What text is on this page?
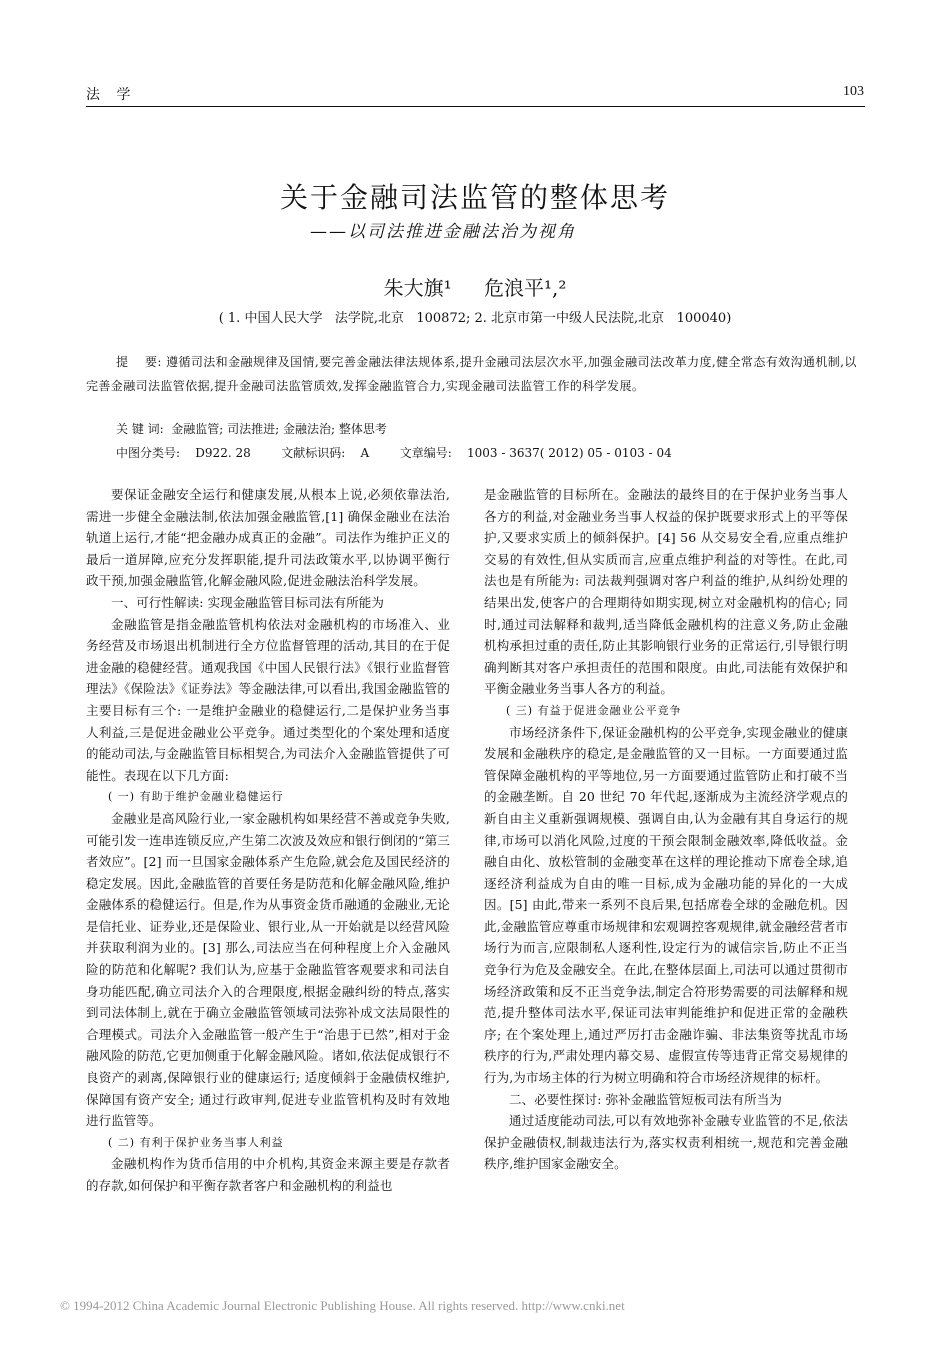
法 学	103
关于金融司法监管的整体思考
——以司法推进金融法治为视角
朱大旗¹ 危浪平¹,²
( 1. 中国人民大学   法学院,北京   100872; 2. 北京市第一中级人民法院,北京   100040)
提　 要: 遵循司法和金融规律及国情,要完善金融法律法规体系,提升金融司法层次水平,加强金融司法改革力度,健全常态有效沟通机制,以完善金融司法监管依据,提升金融司法监管质效,发挥金融监管合力,实现金融司法监管工作的科学发展。
关 键 词:  金融监管; 司法推进; 金融法治; 整体思考
中图分类号:    D922. 28        文献标识码:    A        文章编号:    1003 - 3637( 2012) 05 - 0103 - 04

要保证金融安全运行和健康发展,从根本上说,必须依靠法治,需进一步健全金融法制,依法加强金融监管,[1] 确保金融业在法治轨道上运行,才能“把金融办成真正的金融”。司法作为维护正义的最后一道屏障,应充分发挥职能,提升司法政策水平,以协调平衡行政干预,加强金融监管,化解金融风险,促进金融法治科学发展。

一、可行性解读: 实现金融监管目标司法有所能为

金融监管是指金融监管机构依法对金融机构的市场准入、业务经营及市场退出机制进行全方位监督管理的活动,其目的在于促进金融的稳健经营。通观我国《中国人民银行法》《银行业监督管理法》《保险法》《证券法》等金融法律,可以看出,我国金融监管的主要目标有三个: 一是维护金融业的稳健运行,二是保护业务当事人利益,三是促进金融业公平竞争。通过类型化的个案处理和适度的能动司法,与金融监管目标相契合,为司法介入金融监管提供了可能性。表现在以下几方面:

( 一) 有助于维护金融业稳健运行

金融业是高风险行业,一家金融机构如果经营不善或竞争失败,可能引发一连串连锁反应,产生第二次波及效应和银行倒闭的“第三者效应”。[2] 而一旦国家金融体系产生危险,就会危及国民经济的稳定发展。因此,金融监管的首要任务是防范和化解金融风险,维护金融体系的稳健运行。但是,作为从事资金货币融通的金融业,无论是信托业、证券业,还是保险业、银行业,从一开始就是以经营风险并获取利润为业的。[3] 那么,司法应当在何种程度上介入金融风险的防范和化解呢? 我们认为,应基于金融监管客观要求和司法自身功能匹配,确立司法介入的合理限度,根据金融纠纷的特点,落实到司法体制上,就在于确立金融监管领域司法弥补成文法局限性的合理模式。司法介入金融监管一般产生于“治患于已然”,相对于金融风险的防范,它更加侧重于化解金融风险。诸如,依法促成银行不良资产的剥离,保障银行业的健康运行; 适度倾斜于金融债权维护,保障国有资产安全; 通过行政审判,促进专业监管机构及时有效地进行监管等。

( 二) 有利于保护业务当事人利益

金融机构作为货币信用的中介机构,其资金来源主要是存款者的存款,如何保护和平衡存款者客户和金融机构的利益也

是金融监管的目标所在。金融法的最终目的在于保护业务当事人各方的利益,对金融业务当事人权益的保护既要求形式上的平等保护,又要求实质上的倾斜保护。[4] 56 从交易安全看,应重点维护交易的有效性,但从实质而言,应重点维护利益的对等性。在此,司法也是有所能为: 司法裁判强调对客户利益的维护,从纠纷处理的结果出发,使客户的合理期待如期实现,树立对金融机构的信心; 同时,通过司法解释和裁判,适当降低金融机构的注意义务,防止金融机构承担过重的责任,防止其影响银行业务的正常运行,引导银行明确判断其对客户承担责任的范围和限度。由此,司法能有效保护和平衡金融业务当事人各方的利益。

( 三) 有益于促进金融业公平竞争

市场经济条件下,保证金融机构的公平竞争,实现金融业的健康发展和金融秩序的稳定,是金融监管的又一目标。一方面要通过监管保障金融机构的平等地位,另一方面要通过监管防止和打破不当的金融垄断。自 20 世纪 70 年代起,逐渐成为主流经济学观点的新自由主义重新强调规模、强调自由,认为金融有其自身运行的规律,市场可以消化风险,过度的干预会限制金融效率,降低收益。金融自由化、放松管制的金融变革在这样的理论推动下席卷全球,追逐经济利益成为自由的唯一目标,成为金融功能的异化的一大成因。[5] 由此,带来一系列不良后果,包括席卷全球的金融危机。因此,金融监管应尊重市场规律和宏观调控客观规律,就金融经营者市场行为而言,应限制私人逐利性,设定行为的诚信宗旨,防止不正当竞争行为危及金融安全。在此,在整体层面上,司法可以通过贯彻市场经济政策和反不正当竞争法,制定合符形势需要的司法解释和规范,提升整体司法水平,保证司法审判能维护和促进正常的金融秩序; 在个案处理上,通过严厉打击金融诈骗、非法集资等扰乱市场秩序的行为,严肃处理内幕交易、虚假宣传等违背正常交易规律的行为,为市场主体的行为树立明确和符合市场经济规律的标杆。

二、必要性探讨: 弥补金融监管短板司法有所当为

通过适度能动司法,可以有效地弥补金融专业监管的不足,依法保护金融债权,制裁违法行为,落实权责利相统一,规范和完善金融秩序,维护国家金融安全。

© 1994-2012 China Academic Journal Electronic Publishing House. All rights reserved. http://www.cnki.net
